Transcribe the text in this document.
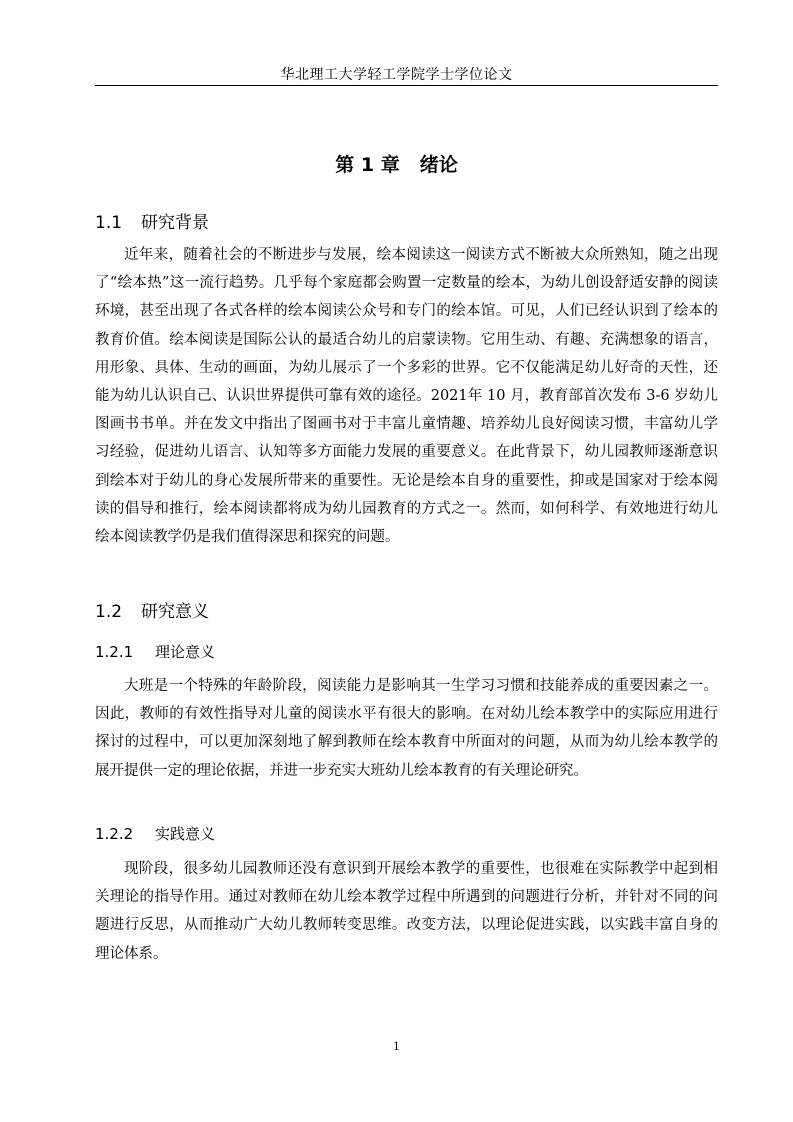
华北理工大学轻工学院学士学位论文
第 1 章 绪论
1.1 研究背景

近年来，随着社会的不断进步与发展，绘本阅读这一阅读方式不断被大众所熟知，随之出现了“绘本热”这一流行趋势。几乎每个家庭都会购置一定数量的绘本，为幼儿创设舒适安静的阅读环境，甚至出现了各式各样的绘本阅读公众号和专门的绘本馆。可见，人们已经认识到了绘本的教育价值。绘本阅读是国际公认的最适合幼儿的启蒙读物。它用生动、有趣、充满想象的语言，用形象、具体、生动的画面，为幼儿展示了一个多彩的世界。它不仅能满足幼儿好奇的天性，还能为幼儿认识自己、认识世界提供可靠有效的途径。2021年 10 月，教育部首次发布 3-6 岁幼儿图画书书单。并在发文中指出了图画书对于丰富儿童情趣、培养幼儿良好阅读习惯，丰富幼儿学习经验，促进幼儿语言、认知等多方面能力发展的重要意义。在此背景下，幼儿园教师逐渐意识到绘本对于幼儿的身心发展所带来的重要性。无论是绘本自身的重要性，抑或是国家对于绘本阅读的倡导和推行，绘本阅读都将成为幼儿园教育的方式之一。然而，如何科学、有效地进行幼儿绘本阅读教学仍是我们值得深思和探究的问题。

1.2 研究意义
1.2.1 理论意义

大班是一个特殊的年龄阶段，阅读能力是影响其一生学习习惯和技能养成的重要因素之一。因此，教师的有效性指导对儿童的阅读水平有很大的影响。在对幼儿绘本教学中的实际应用进行探讨的过程中，可以更加深刻地了解到教师在绘本教育中所面对的问题，从而为幼儿绘本教学的展开提供一定的理论依据，并进一步充实大班幼儿绘本教育的有关理论研究。

1.2.2 实践意义

现阶段，很多幼儿园教师还没有意识到开展绘本教学的重要性，也很难在实际教学中起到相关理论的指导作用。通过对教师在幼儿绘本教学过程中所遇到的问题进行分析，并针对不同的问题进行反思，从而推动广大幼儿教师转变思维。改变方法，以理论促进实践，以实践丰富自身的理论体系。

1
